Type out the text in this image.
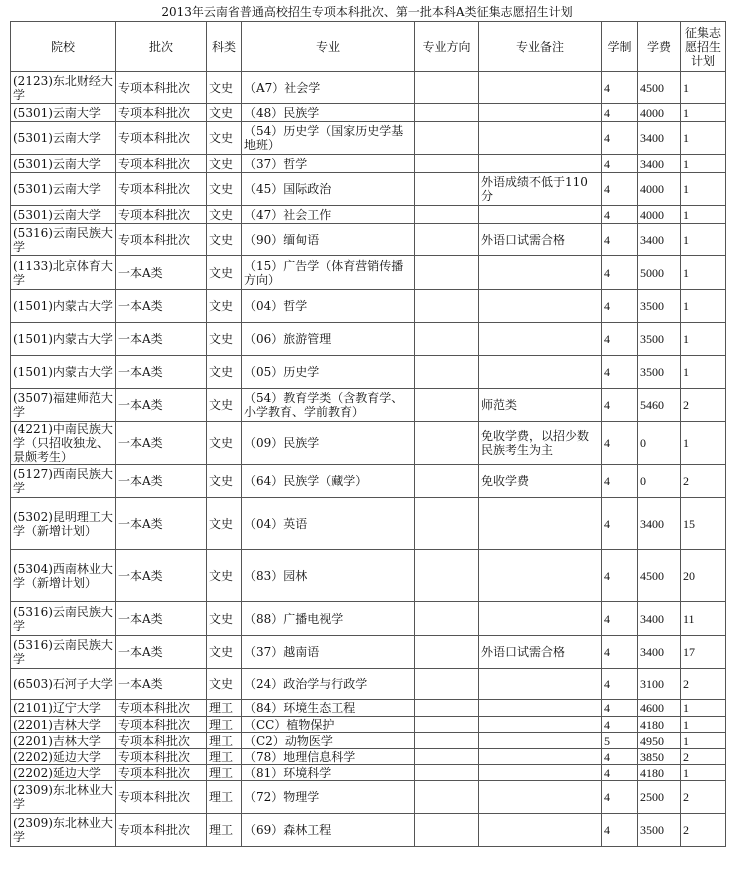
2013年云南省普通高校招生专项本科批次、第一批本科A类征集志愿招生计划
院校	批次	科类	专业	专业方向	专业备注	学制	学费	征集志愿招生计划
(2123)东北财经大学	专项本科批次	文史	（A7）社会学			4	4500	1
(5301)云南大学	专项本科批次	文史	（48）民族学			4	4000	1
(5301)云南大学	专项本科批次	文史	（54）历史学（国家历史学基地班）			4	3400	1
(5301)云南大学	专项本科批次	文史	（37）哲学			4	3400	1
(5301)云南大学	专项本科批次	文史	（45）国际政治		外语成绩不低于110分	4	4000	1
(5301)云南大学	专项本科批次	文史	（47）社会工作			4	4000	1
(5316)云南民族大学	专项本科批次	文史	（90）缅甸语		外语口试需合格	4	3400	1
(1133)北京体育大学	一本A类	文史	（15）广告学（体育营销传播方向）			4	5000	1
(1501)内蒙古大学	一本A类	文史	（04）哲学			4	3500	1
(1501)内蒙古大学	一本A类	文史	（06）旅游管理			4	3500	1
(1501)内蒙古大学	一本A类	文史	（05）历史学			4	3500	1
(3507)福建师范大学	一本A类	文史	（54）教育学类（含教育学、小学教育、学前教育）		师范类	4	5460	2
(4221)中南民族大学（只招收独龙、景颇考生）	一本A类	文史	（09）民族学		免收学费，以招少数民族考生为主	4	0	1
(5127)西南民族大学	一本A类	文史	（64）民族学（藏学）		免收学费	4	0	2
(5302)昆明理工大学（新增计划）	一本A类	文史	（04）英语			4	3400	15
(5304)西南林业大学（新增计划）	一本A类	文史	（83）园林			4	4500	20
(5316)云南民族大学	一本A类	文史	（88）广播电视学			4	3400	11
(5316)云南民族大学	一本A类	文史	（37）越南语		外语口试需合格	4	3400	17
(6503)石河子大学	一本A类	文史	（24）政治学与行政学			4	3100	2
(2101)辽宁大学	专项本科批次	理工	（84）环境生态工程			4	4600	1
(2201)吉林大学	专项本科批次	理工	（CC）植物保护			4	4180	1
(2201)吉林大学	专项本科批次	理工	（C2）动物医学			5	4950	1
(2202)延边大学	专项本科批次	理工	（78）地理信息科学			4	3850	2
(2202)延边大学	专项本科批次	理工	（81）环境科学			4	4180	1
(2309)东北林业大学	专项本科批次	理工	（72）物理学			4	2500	2
(2309)东北林业大学	专项本科批次	理工	（69）森林工程			4	3500	2
